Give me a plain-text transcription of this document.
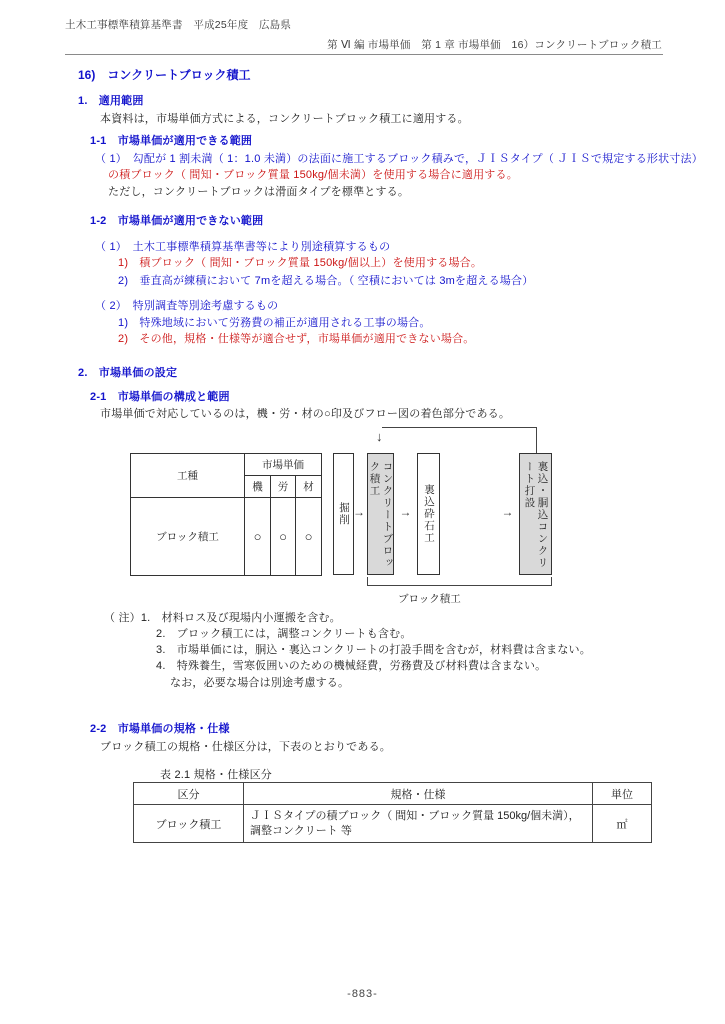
土木工事標準積算基準書　平成25年度　広島県
第 Ⅵ 編 市場単価　第 1 章 市場単価　16）コンクリートブロック積工
16)　コンクリートブロック積工
1.　適用範囲
本資料は，市場単価方式による，コンクリートブロック積工に適用する。
1-1　市場単価が適用できる範囲
（ 1）　勾配が 1 割未満（ 1：1.0 未満）の法面に施工するブロック積みで，ＪＩＳタイプ（ ＪＩＳで規定する形状寸法）
の積ブロック（ 間知・ブロック質量 150kg/個未満）を使用する場合に適用する。
ただし，コンクリートブロックは滑面タイプを標準とする。
1-2　市場単価が適用できない範囲
（ 1）　土木工事標準積算基準書等により別途積算するもの
1)　積ブロック（ 間知・ブロック質量 150kg/個以上）を使用する場合。
2)　垂直高が練積において 7mを超える場合。（ 空積においては 3mを超える場合）
（ 2）　特別調査等別途考慮するもの
1)　特殊地域において労務費の補正が適用される工事の場合。
2)　その他，規格・仕様等が適合せず，市場単価が適用できない場合。
2.　市場単価の設定
2-1　市場単価の構成と範囲
市場単価で対応しているのは，機・労・材の○印及びフロー図の着色部分である。
↓
工種	市場単価		
	機	労	材
ブロック積工	○	○	○
掘削 →	コンクリートブロック積工
→	裏込砕石工	→	裏込・胴込コンクリート打設
ブロック積工
（ 注）1.　材料ロス及び現場内小運搬を含む。
2.　ブロック積工には，調整コンクリートも含む。
3.　市場単価には，胴込・裏込コンクリートの打設手間を含むが，材料費は含まない。
4.　特殊養生，雪寒仮囲いのための機械経費，労務費及び材料費は含まない。
なお，必要な場合は別途考慮する。
2-2　市場単価の規格・仕様
ブロック積工の規格・仕様区分は，下表のとおりである。
表 2.1 規格・仕様区分
区分	規格・仕様	単位
ブロック積工	ＪＩＳタイプの積ブロック（ 間知・ブロック質量 150kg/個未満），
調整コンクリート 等	㎡
-883-
